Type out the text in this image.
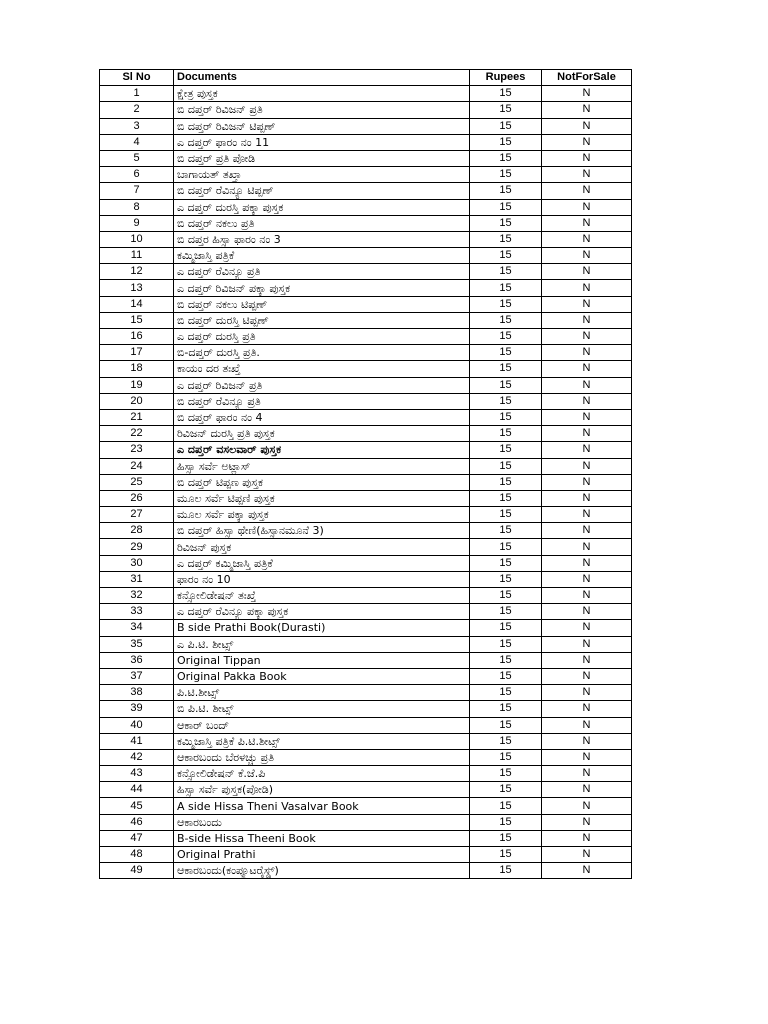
Sl No	Documents	Rupees	NotForSale
1	ಕ್ಷೇತ್ರ ಪುಸ್ತಕ	15	N
2	ಬಿ ದಪ್ತರ್ ರಿವಿಜನ್ ಪ್ರತಿ	15	N
3	ಬಿ ದಪ್ತರ್ ರಿವಿಜನ್ ಟಿಪ್ಪಣ್	15	N
4	ಎ ದಪ್ತರ್ ಫಾರಂ ನಂ 11	15	N
5	ಬಿ ದಪ್ತರ್ ಪ್ರತಿ ಪೋಡಿ	15	N
6	ಬಾಗಾಯತ್ ತಖ್ತಾ	15	N
7	ಬಿ ದಪ್ತರ್ ರೆವಿನ್ಯೂ ಟಿಪ್ಪಣ್	15	N
8	ಎ ದಪ್ತರ್ ದುರಸ್ತಿ ಪಕ್ಕಾ ಪುಸ್ತಕ	15	N
9	ಬಿ ದಪ್ತರ್ ನಕಲು ಪ್ರತಿ	15	N
10	ಬಿ ದಪ್ತರ ಹಿಸ್ಸಾ ಫಾರಂ ನಂ 3	15	N
11	ಕಮ್ಮಿಜಾಸ್ತಿ ಪತ್ರಿಕೆ	15	N
12	ಎ ದಪ್ತರ್ ರೆವಿನ್ಯೂ ಪ್ರತಿ	15	N
13	ಎ ದಪ್ತರ್ ರಿವಿಜನ್ ಪಕ್ಕಾ ಪುಸ್ತಕ	15	N
14	ಬಿ ದಪ್ತರ್ ನಕಲು ಟಿಪ್ಪಣ್	15	N
15	ಬಿ ದಪ್ತರ್ ದುರಸ್ತಿ ಟಿಪ್ಪಣ್	15	N
16	ಎ ದಪ್ತರ್ ದುರಸ್ತಿ ಪ್ರತಿ	15	N
17	ಬಿ-ದಪ್ತರ್ ದುರಸ್ತಿ ಪ್ರತಿ.	15	N
18	ಕಾಯಂ ದರ ತಃಖ್ತೆ	15	N
19	ಎ ದಪ್ತರ್ ರಿವಿಜನ್ ಪ್ರತಿ	15	N
20	ಬಿ ದಪ್ತರ್ ರೆವಿನ್ಯೂ ಪ್ರತಿ	15	N
21	ಬಿ ದಪ್ತರ್ ಫಾರಂ ನಂ 4	15	N
22	ರಿವಿಜನ್ ದುರಸ್ತಿ ಪ್ರತಿ ಪುಸ್ತಕ	15	N
23	ಎ ದಪ್ತರ್ ವಸಲವಾರ್ ಪುಸ್ತಕ	15	N
24	ಹಿಸ್ಸಾ ಸರ್ವೆ ಅಟ್ಲಾಸ್	15	N
25	ಬಿ ದಪ್ತರ್ ಟಿಪ್ಪಣ ಪುಸ್ತಕ	15	N
26	ಮೂಲ ಸರ್ವೆ ಟಿಪ್ಪಣಿ ಪುಸ್ತಕ	15	N
27	ಮೂಲ ಸರ್ವೆ ಪಕ್ಕಾ ಪುಸ್ತಕ	15	N
28	ಬಿ ದಪ್ತರ್ ಹಿಸ್ಸಾ ಥೇಣಿ(ಹಿಸ್ಸಾನಮೂನೆ 3)	15	N
29	ರಿವಿಜನ್ ಪುಸ್ತಕ	15	N
30	ಎ ದಪ್ತರ್ ಕಮ್ಮಿಜಾಸ್ತಿ ಪತ್ರಿಕೆ	15	N
31	ಫಾರಂ ನಂ 10	15	N
32	ಕನ್ಸೋಲಿಡೇಷನ್ ತಃಖ್ತೆ	15	N
33	ಎ ದಪ್ತರ್ ರೆವಿನ್ಯೂ ಪಕ್ಕಾ ಪುಸ್ತಕ	15	N
34	B side Prathi Book(Durasti)	15	N
35	ಎ ಪಿ.ಟಿ. ಶೀಟ್ಸ್	15	N
36	Original Tippan	15	N
37	Original Pakka Book	15	N
38	ಪಿ.ಟಿ.ಶೀಟ್ಸ್	15	N
39	ಬಿ ಪಿ.ಟಿ. ಶೀಟ್ಸ್	15	N
40	ಆಕಾರ್ ಬಂದ್	15	N
41	ಕಮ್ಮಿಜಾಸ್ತಿ ಪತ್ರಿಕೆ ಪಿ.ಟಿ.ಶೀಟ್ಸ್	15	N
42	ಆಕಾರಬಂದು ಬೆರಳಚ್ಚು ಪ್ರತಿ	15	N
43	ಕನ್ಸೋಲಿಡೇಷನ್ ಕೆ.ಜೆ.ಪಿ	15	N
44	ಹಿಸ್ಸಾ ಸರ್ವೆ ಪುಸ್ತಕ(ಪೋಡಿ)	15	N
45	A side Hissa Theni Vasalvar Book	15	N
46	ಆಕಾರಬಂದು	15	N
47	B-side Hissa Theeni Book	15	N
48	Original Prathi	15	N
49	ಆಕಾರಬಂದು(ಕಂಪ್ಯೂಟರೈಸ್ಡ್)	15	N
